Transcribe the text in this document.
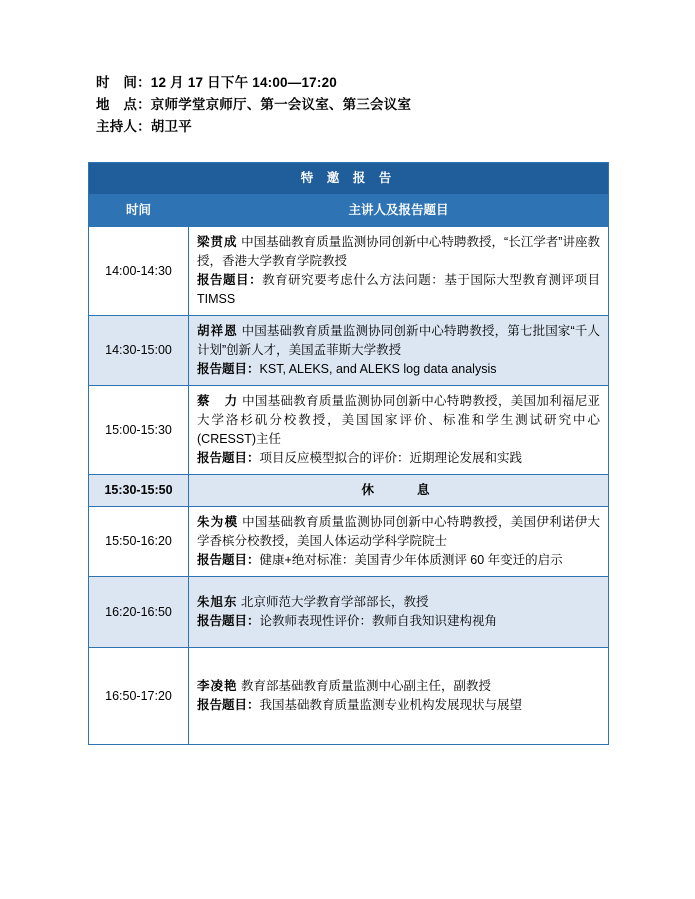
时　间：12 月 17 日下午 14:00—17:20
地　点：京师学堂京师厅、第一会议室、第三会议室
主持人：胡卫平
特 邀 报 告	
时间	主讲人及报告题目
14:00-14:30	梁贯成 中国基础教育质量监测协同创新中心特聘教授，“长江学者”讲座教授，香港大学教育学院教授
报告题目：教育研究要考虑什么方法问题：基于国际大型教育测评项目TIMSS

14:30-15:00	胡祥恩 中国基础教育质量监测协同创新中心特聘教授，第七批国家“千人计划”创新人才，美国孟菲斯大学教授
报告题目：KST, ALEKS, and ALEKS log data analysis

15:00-15:30	蔡　力 中国基础教育质量监测协同创新中心特聘教授，美国加利福尼亚大学洛杉矶分校教授，美国国家评价、标准和学生测试研究中心(CRESST)主任
报告题目：项目反应模型拟合的评价：近期理论发展和实践

15:30-15:50	休　　息
15:50-16:20	朱为模 中国基础教育质量监测协同创新中心特聘教授，美国伊利诺伊大学香槟分校教授，美国人体运动学科学院院士
报告题目：健康+绝对标准：美国青少年体质测评 60 年变迁的启示

16:20-16:50	朱旭东 北京师范大学教育学部部长，教授
报告题目：论教师表现性评价：教师自我知识建构视角

16:50-17:20	李凌艳 教育部基础教育质量监测中心副主任，副教授
报告题目：我国基础教育质量监测专业机构发展现状与展望
